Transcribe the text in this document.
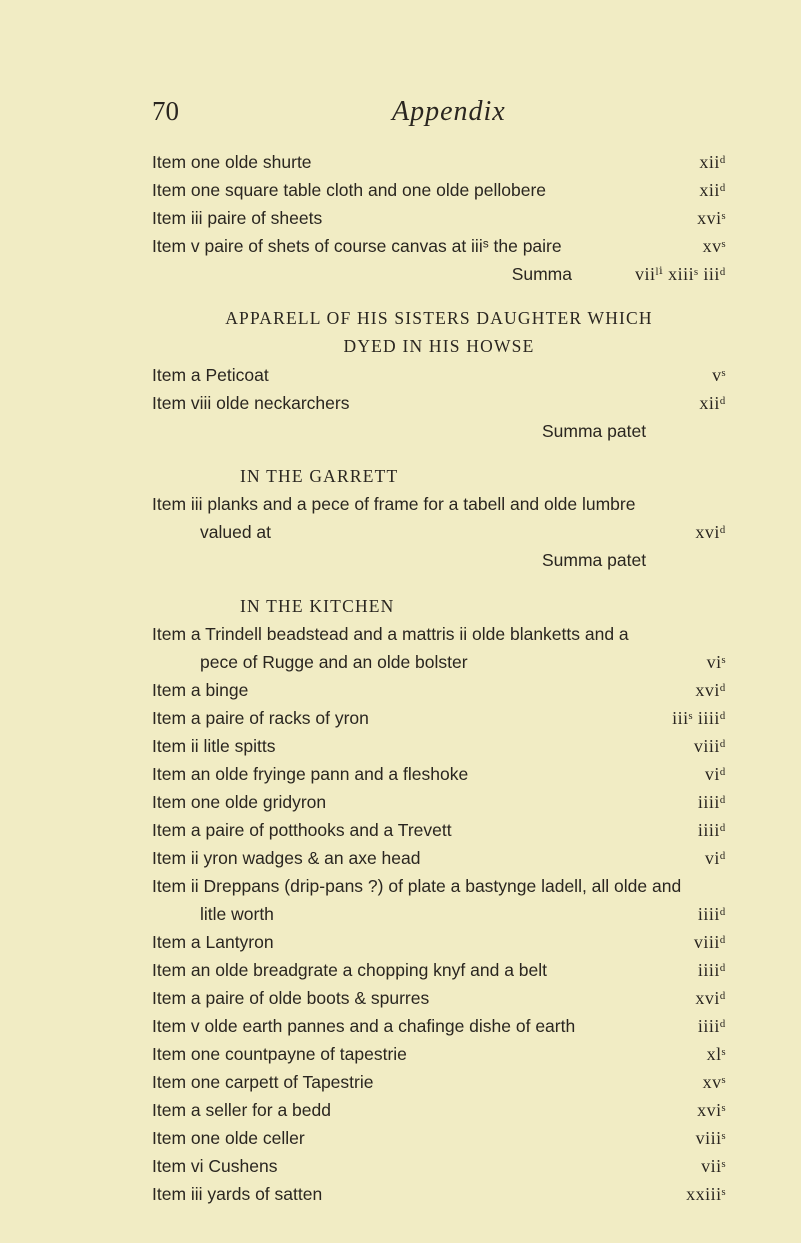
70	Appendix
Item one olde shurte	xiiᵈ
Item one square table cloth and one olde pellobere	xiiᵈ
Item iii paire of sheets	xviˢ
Item v paire of shets of course canvas at iiiˢ the paire	xvˢ
Summa	viiˡⁱ xiiiˢ iiiᵈ
APPARELL OF HIS SISTERS DAUGHTER WHICH
DYED IN HIS HOWSE
Item a Peticoat	vˢ
Item viii olde neckarchers	xiiᵈ
Summa patet
IN THE GARRETT
Item iii planks and a pece of frame for a tabell and olde lumbre
valued at	xviᵈ
Summa patet
IN THE KITCHEN
Item a Trindell beadstead and a mattris ii olde blanketts and a
pece of Rugge and an olde bolster	viˢ
Item a binge	xviᵈ
Item a paire of racks of yron	iiiˢ iiiiᵈ
Item ii litle spitts	viiiᵈ
Item an olde fryinge pann and a fleshoke	viᵈ
Item one olde gridyron	iiiiᵈ
Item a paire of potthooks and a Trevett	iiiiᵈ
Item ii yron wadges & an axe head	viᵈ
Item ii Dreppans (drip-pans ?) of plate a bastynge ladell, all olde and
litle worth	iiiiᵈ
Item a Lantyron	viiiᵈ
Item an olde breadgrate a chopping knyf and a belt	iiiiᵈ
Item a paire of olde boots & spurres	xviᵈ
Item v olde earth pannes and a chafinge dishe of earth	iiiiᵈ
Item one countpayne of tapestrie	xlˢ
Item one carpett of Tapestrie	xvˢ
Item a seller for a bedd	xviˢ
Item one olde celler	viiiˢ
Item vi Cushens	viiˢ
Item iii yards of satten	xxiiiˢ
